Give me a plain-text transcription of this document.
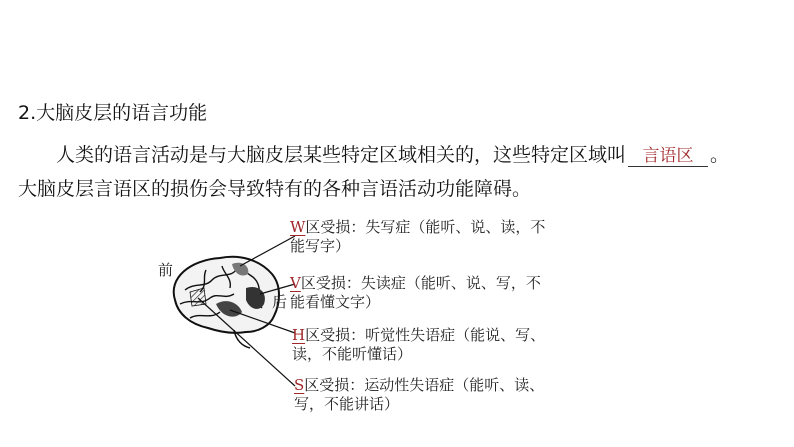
2.大脑皮层的语言功能
人类的语言活动是与大脑皮层某些特定区域相关的，这些特定区域叫 言语区 。
大脑皮层言语区的损伤会导致特有的各种言语活动功能障碍。
前
后
W区受损：失写症（能听、说、读，不
能写字）
V区受损：失读症（能听、说、写，不
能看懂文字）
H区受损：听觉性失语症（能说、写、
读，不能听懂话）
S区受损：运动性失语症（能听、读、
写，不能讲话）
